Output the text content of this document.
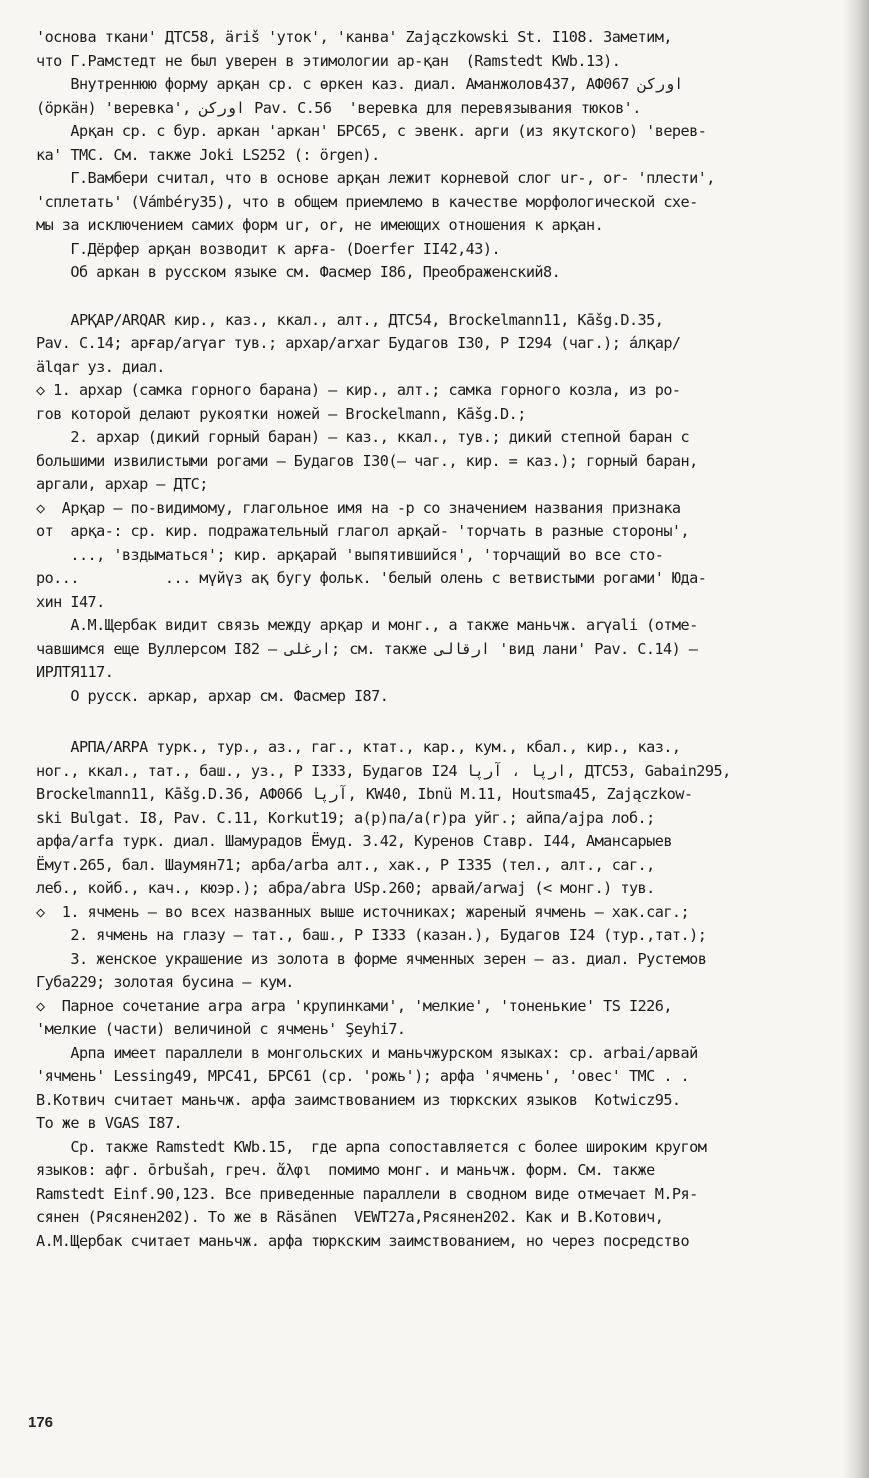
'основа ткани' ДТС58, äriš 'уток', 'канва' Zajączkowski St. I108. Заметим,
что Г.Рамстедт не был уверен в этимологии ар-қан  (Ramstedt KWb.13).
Внутреннюю форму арқан ср. с өркен каз. диал. Аманжолов437, АФ067 اوركن
(öркäн) 'веревка', اوركن Pav. C.56  'веревка для перевязывания тюков'.
Арқан ср. с бур. аркан 'аркан' БРС65, с эвенк. арги (из якутского) 'верев-
ка' ТМС. См. также Joki LS252 (: örgen).
Г.Вамбери считал, что в основе арқан лежит корневой слог ur-, or- 'плести',
'сплетать' (Vámbéry35), что в общем приемлемо в качестве морфологической схе-
мы за исключением самих форм ur, or, не имеющих отношения к арқан.
Г.Дёрфер арқан возводит к арға- (Doerfer II42,43).
Об аркан в русском языке см. Фасмер I86, Преображенский8.
АРҚАР/ARQAR кир., каз., ккал., алт., ДТС54, Brockelmann11, Kāšg.D.35,
Pav. C.14; арғар/arγar тув.; архар/arxar Будагов I30, Р I294 (чаг.); áлқар/
älqar уз. диал.
◇ 1. архар (самка горного барана) – кир., алт.; самка горного козла, из ро-
гов которой делают рукоятки ножей – Brockelmann, Kāšg.D.;
2. архар (дикий горный баран) – каз., ккал., тув.; дикий степной баран с
большими извилистыми рогами – Будагов I30(– чаг., кир. = каз.); горный баран,
аргали, архар – ДТС;
◇  Арқар – по-видимому, глагольное имя на -р со значением названия признака
от  арқа-: ср. кир. подражательный глагол арқай- 'торчать в разные стороны',
..., 'вздыматься'; кир. арқарай 'выпятившийся', 'торчащий во все сто-
ро...          ... мүйүз ақ бугу фольк. 'белый олень с ветвистыми рогами' Юда-
хин I47.
А.М.Щербак видит связь между арқар и монг., а также маньчж. arγali (отме-
чавшимся еще Вуллерсом I82 – ارغلى; см. также ارقالى 'вид лани' Pav. C.14) –
ИРЛТЯ117.
О русск. аркар, архар см. Фасмер I87.
АРПА/ARPA турк., тур., аз., гаг., ктат., кар., кум., кбал., кир., каз.,
ног., ккал., тат., баш., уз., Р I333, Будагов I24 ارپا ، آرپا, ДТС53, Gabain295,
Brockelmann11, Kāšg.D.36, АФ066 آرپا, KW40, Ibnü M.11, Houtsma45, Zajączkow-
ski Bulgat. I8, Pav. C.11, Korkut19; а(р)па/a(r)pa уйг.; айпа/ajpa лоб.;
арфа/arfa турк. диал. Шамурадов Ёмуд. 3.42, Куренов Ставр. I44, Амансарыев
Ёмут.265, бал. Шаумян71; арба/arba алт., хак., Р I335 (тел., алт., саг.,
леб., койб., кач., кюэр.); абра/abra USp.260; арвай/arwaj (< монг.) тув.
◇  1. ячмень – во всех названных выше источниках; жареный ячмень – хак.саг.;
2. ячмень на глазу – тат., баш., Р I333 (казан.), Будагов I24 (тур.,тат.);
3. женское украшение из золота в форме ячменных зерен – аз. диал. Рустемов
Губа229; золотая бусина – кум.
◇  Парное сочетание arpa arpa 'крупинками', 'мелкие', 'тоненькие' TS I226,
'мелкие (части) величиной с ячмень' Şeyhi7.
Арпа имеет параллели в монгольских и маньчжурском языках: ср. arbai/арвай
'ячмень' Lessing49, МРС41, БРС61 (ср. 'рожь'); арфа 'ячмень', 'овес' ТМС . .
В.Котвич считает маньчж. арфа заимствованием из тюркских языков  Kotwicz95.
То же в VGAS I87.
Ср. также Ramstedt KWb.15,  где арпа сопоставляется с более широким кругом
языков: афг. ōrbušah, греч. ἄλφι  помимо монг. и маньчж. форм. См. также
Ramstedt Einf.90,123. Все приведенные параллели в сводном виде отмечает М.Ря-
сянен (Рясянен202). То же в Räsänen  VEWT27a,Рясянен202. Как и В.Котович,
А.М.Щербак считает маньчж. арфа тюркским заимствованием, но через посредство
176
